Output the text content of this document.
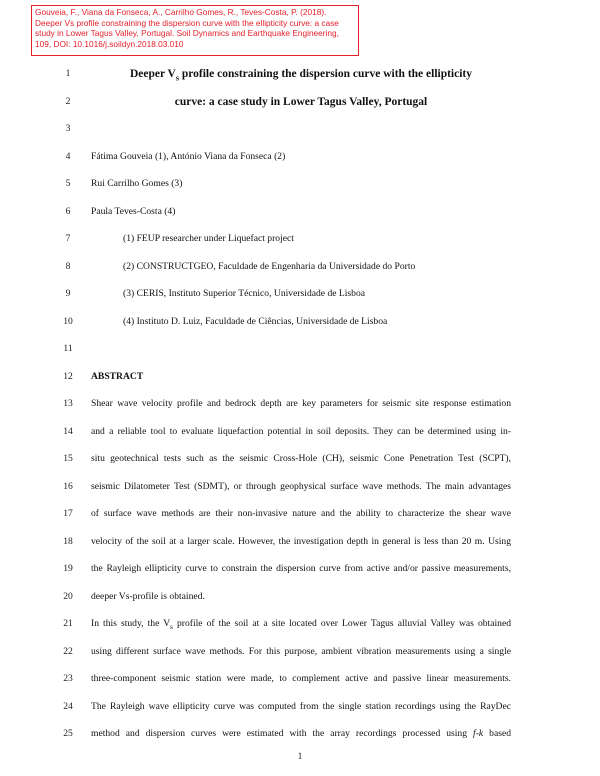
Gouveia, F., Viana da Fonseca, A., Carrilho Gomes, R., Teves-Costa, P. (2018). Deeper Vs profile constraining the dispersion curve with the ellipticity curve: a case study in Lower Tagus Valley, Portugal. Soil Dynamics and Earthquake Engineering, 109, DOI: 10.1016/j.soildyn.2018.03.010
1	Deeper $V_s$ profile constraining the dispersion curve with the ellipticity
2	curve: a case study in Lower Tagus Valley, Portugal
3
4	Fátima Gouveia (1), António Viana da Fonseca (2)
5	Rui Carrilho Gomes (3)
6	Paula Teves-Costa (4)
7	(1) FEUP researcher under Liquefact project
8	(2) CONSTRUCTGEO, Faculdade de Engenharia da Universidade do Porto
9	(3) CERIS, Instituto Superior Técnico, Universidade de Lisboa
10	(4) Instituto D. Luiz, Faculdade de Ciências, Universidade de Lisboa
11
12	ABSTRACT
13	Shear wave velocity profile and bedrock depth are key parameters for seismic site response estimation
14	and a reliable tool to evaluate liquefaction potential in soil deposits. They can be determined using in-
15	situ geotechnical tests such as the seismic Cross-Hole (CH), seismic Cone Penetration Test (SCPT),
16	seismic Dilatometer Test (SDMT), or through geophysical surface wave methods. The main advantages
17	of surface wave methods are their non-invasive nature and the ability to characterize the shear wave
18	velocity of the soil at a larger scale. However, the investigation depth in general is less than 20 m. Using
19	the Rayleigh ellipticity curve to constrain the dispersion curve from active and/or passive measurements,
20	deeper Vs-profile is obtained.
21	In this study, the $V_s$ profile of the soil at a site located over Lower Tagus alluvial Valley was obtained
22	using different surface wave methods. For this purpose, ambient vibration measurements using a single
23	three-component seismic station were made, to complement active and passive linear measurements.
24	The Rayleigh wave ellipticity curve was computed from the single station recordings using the RayDec
1
25	method and dispersion curves were estimated with the array recordings processed using f-k based
